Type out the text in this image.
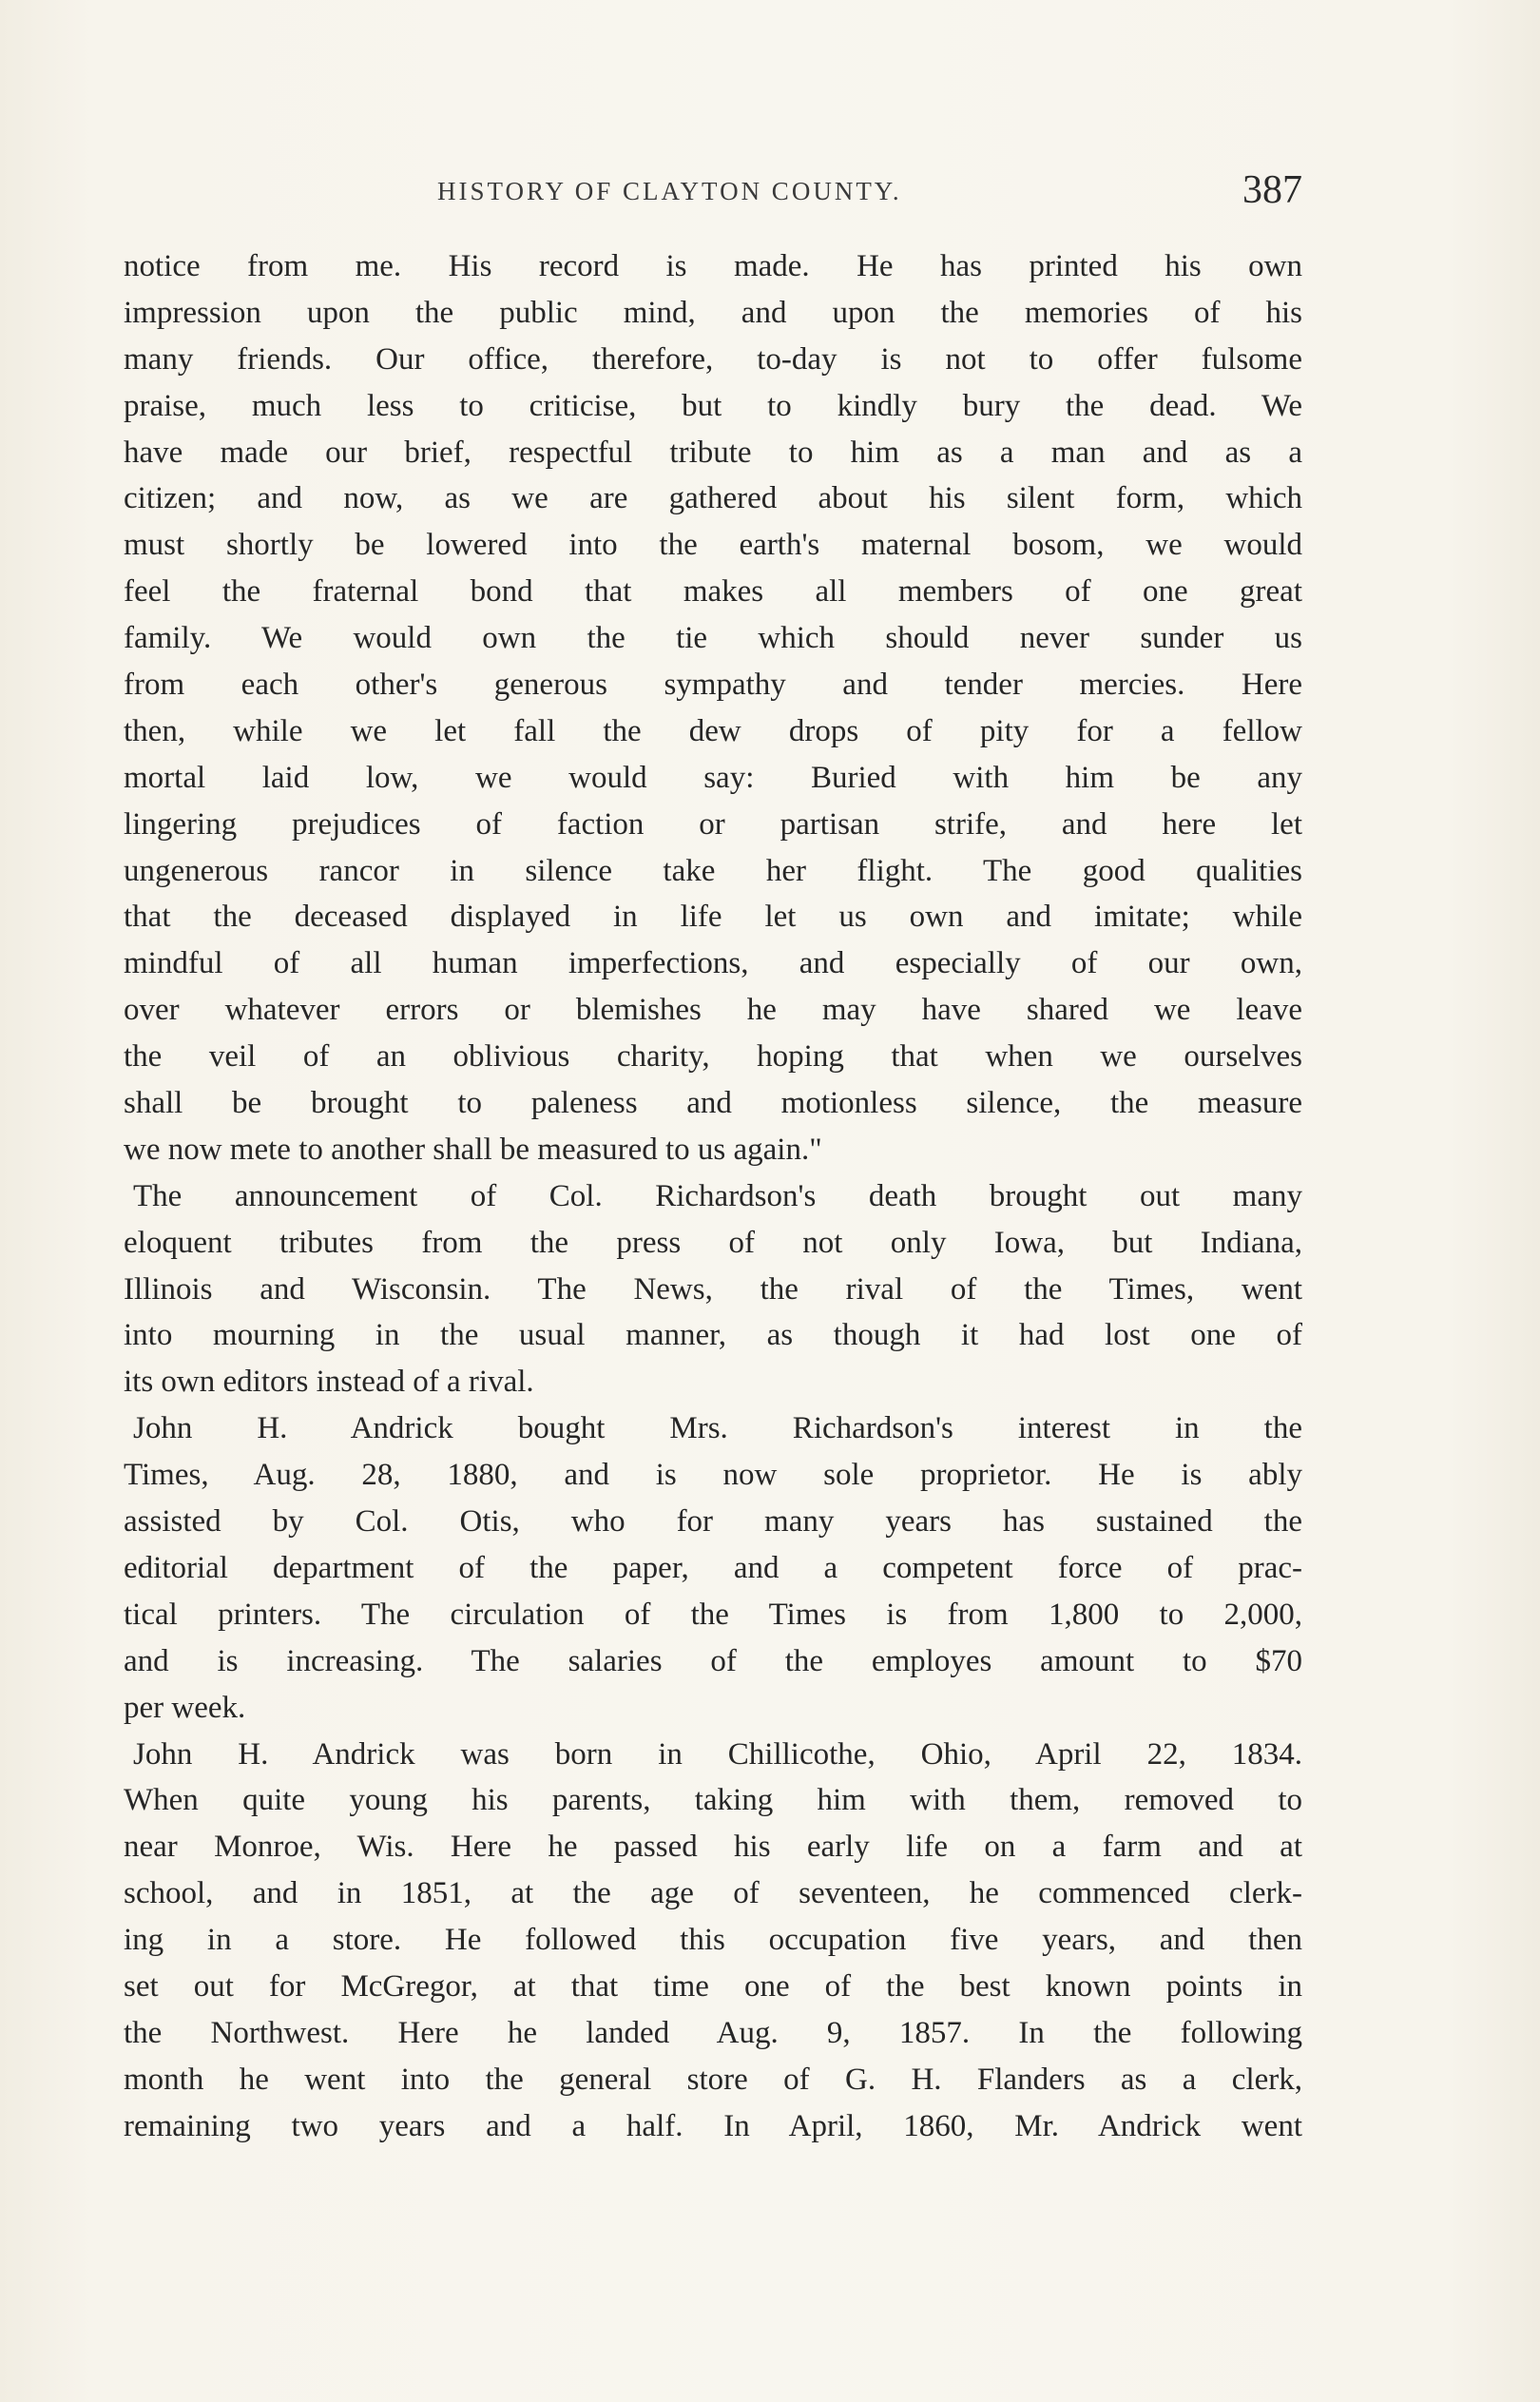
HISTORY OF CLAYTON COUNTY.	387
notice from me. His record is made. He has printed his own
impression upon the public mind, and upon the memories of his
many friends. Our office, therefore, to-day is not to offer fulsome
praise, much less to criticise, but to kindly bury the dead. We
have made our brief, respectful tribute to him as a man and as a
citizen; and now, as we are gathered about his silent form, which
must shortly be lowered into the earth's maternal bosom, we would
feel the fraternal bond that makes all members of one great
family. We would own the tie which should never sunder us
from each other's generous sympathy and tender mercies. Here
then, while we let fall the dew drops of pity for a fellow
mortal laid low, we would say: Buried with him be any
lingering prejudices of faction or partisan strife, and here let
ungenerous rancor in silence take her flight. The good qualities
that the deceased displayed in life let us own and imitate; while
mindful of all human imperfections, and especially of our own,
over whatever errors or blemishes he may have shared we leave
the veil of an oblivious charity, hoping that when we ourselves
shall be brought to paleness and motionless silence, the measure
we now mete to another shall be measured to us again."
The announcement of Col. Richardson's death brought out many
eloquent tributes from the press of not only Iowa, but Indiana,
Illinois and Wisconsin. The News, the rival of the Times, went
into mourning in the usual manner, as though it had lost one of
its own editors instead of a rival.
John H. Andrick bought Mrs. Richardson's interest in the
Times, Aug. 28, 1880, and is now sole proprietor. He is ably
assisted by Col. Otis, who for many years has sustained the
editorial department of the paper, and a competent force of prac-
tical printers. The circulation of the Times is from 1,800 to 2,000,
and is increasing. The salaries of the employes amount to $70
per week.
John H. Andrick was born in Chillicothe, Ohio, April 22, 1834.
When quite young his parents, taking him with them, removed to
near Monroe, Wis. Here he passed his early life on a farm and at
school, and in 1851, at the age of seventeen, he commenced clerk-
ing in a store. He followed this occupation five years, and then
set out for McGregor, at that time one of the best known points in
the Northwest. Here he landed Aug. 9, 1857. In the following
month he went into the general store of G. H. Flanders as a clerk,
remaining two years and a half. In April, 1860, Mr. Andrick went
